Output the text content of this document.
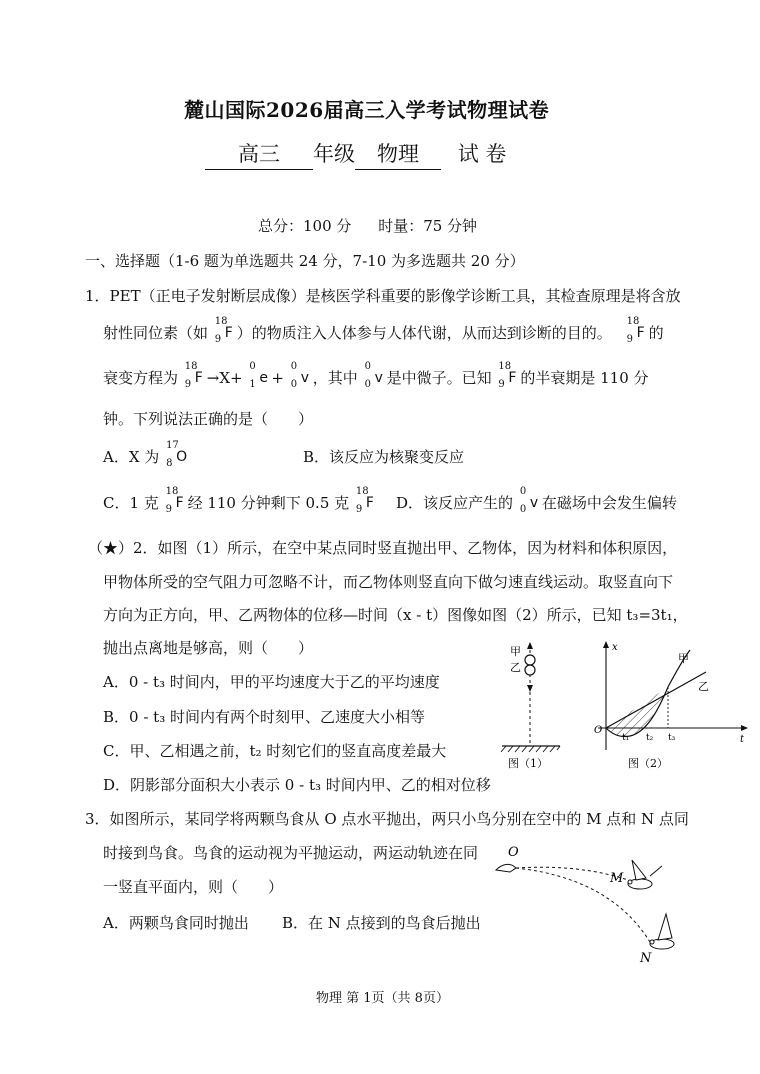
麓山国际2026届高三入学考试物理试卷
高三 年级 物理 试 卷
总分：100 分 时量：75 分钟
一、选择题（1-6 题为单选题共 24 分，7-10 为多选题共 20 分）
1．PET（正电子发射断层成像）是核医学科重要的影像学诊断工具，其检查原理是将含放
射性同位素（如
18
9 F ）的物质注入人体参与人体代谢，从而达到诊断的目的。
18
9 F 的
衰变方程为
18
9 F →X+
0
1 e +
0
0 v ，其中
0
0 v 是中微子。已知
18
9 F 的半衰期是 110 分
钟。下列说法正确的是（　　）
A．X 为
17
8 O	B．该反应为核聚变反应
C．1 克
18
9 F 经 110 分钟剩下 0.5 克
18
9 F D．该反应产生的
0
0 v 在磁场中会发生偏转
（★）2．如图（1）所示，在空中某点同时竖直抛出甲、乙物体，因为材料和体积原因，
甲物体所受的空气阻力可忽略不计，而乙物体则竖直向下做匀速直线运动。取竖直向下
方向为正方向，甲、乙两物体的位移—时间（x - t）图像如图（2）所示，已知 t₃=3t₁，
抛出点离地是够高，则（　　）
A．0 - t₃ 时间内，甲的平均速度大于乙的平均速度
B．0 - t₃ 时间内有两个时刻甲、乙速度大小相等
C．甲、乙相遇之前，t₂ 时刻它们的竖直高度差最大
D．阴影部分面积大小表示 0 - t₃ 时间内甲、乙的相对位移
甲
乙
图（1）
x
t
O
t₁ t₂ t₃
甲
乙
图（2）
3．如图所示，某同学将两颗鸟食从 O 点水平抛出，两只小鸟分别在空中的 M 点和 N 点同
时接到鸟食。鸟食的运动视为平抛运动，两运动轨迹在同
一竖直平面内，则（　　）
A．两颗鸟食同时抛出 B．在 N 点接到的鸟食后抛出
O
M
N
物理 第 1页（共 8页）
